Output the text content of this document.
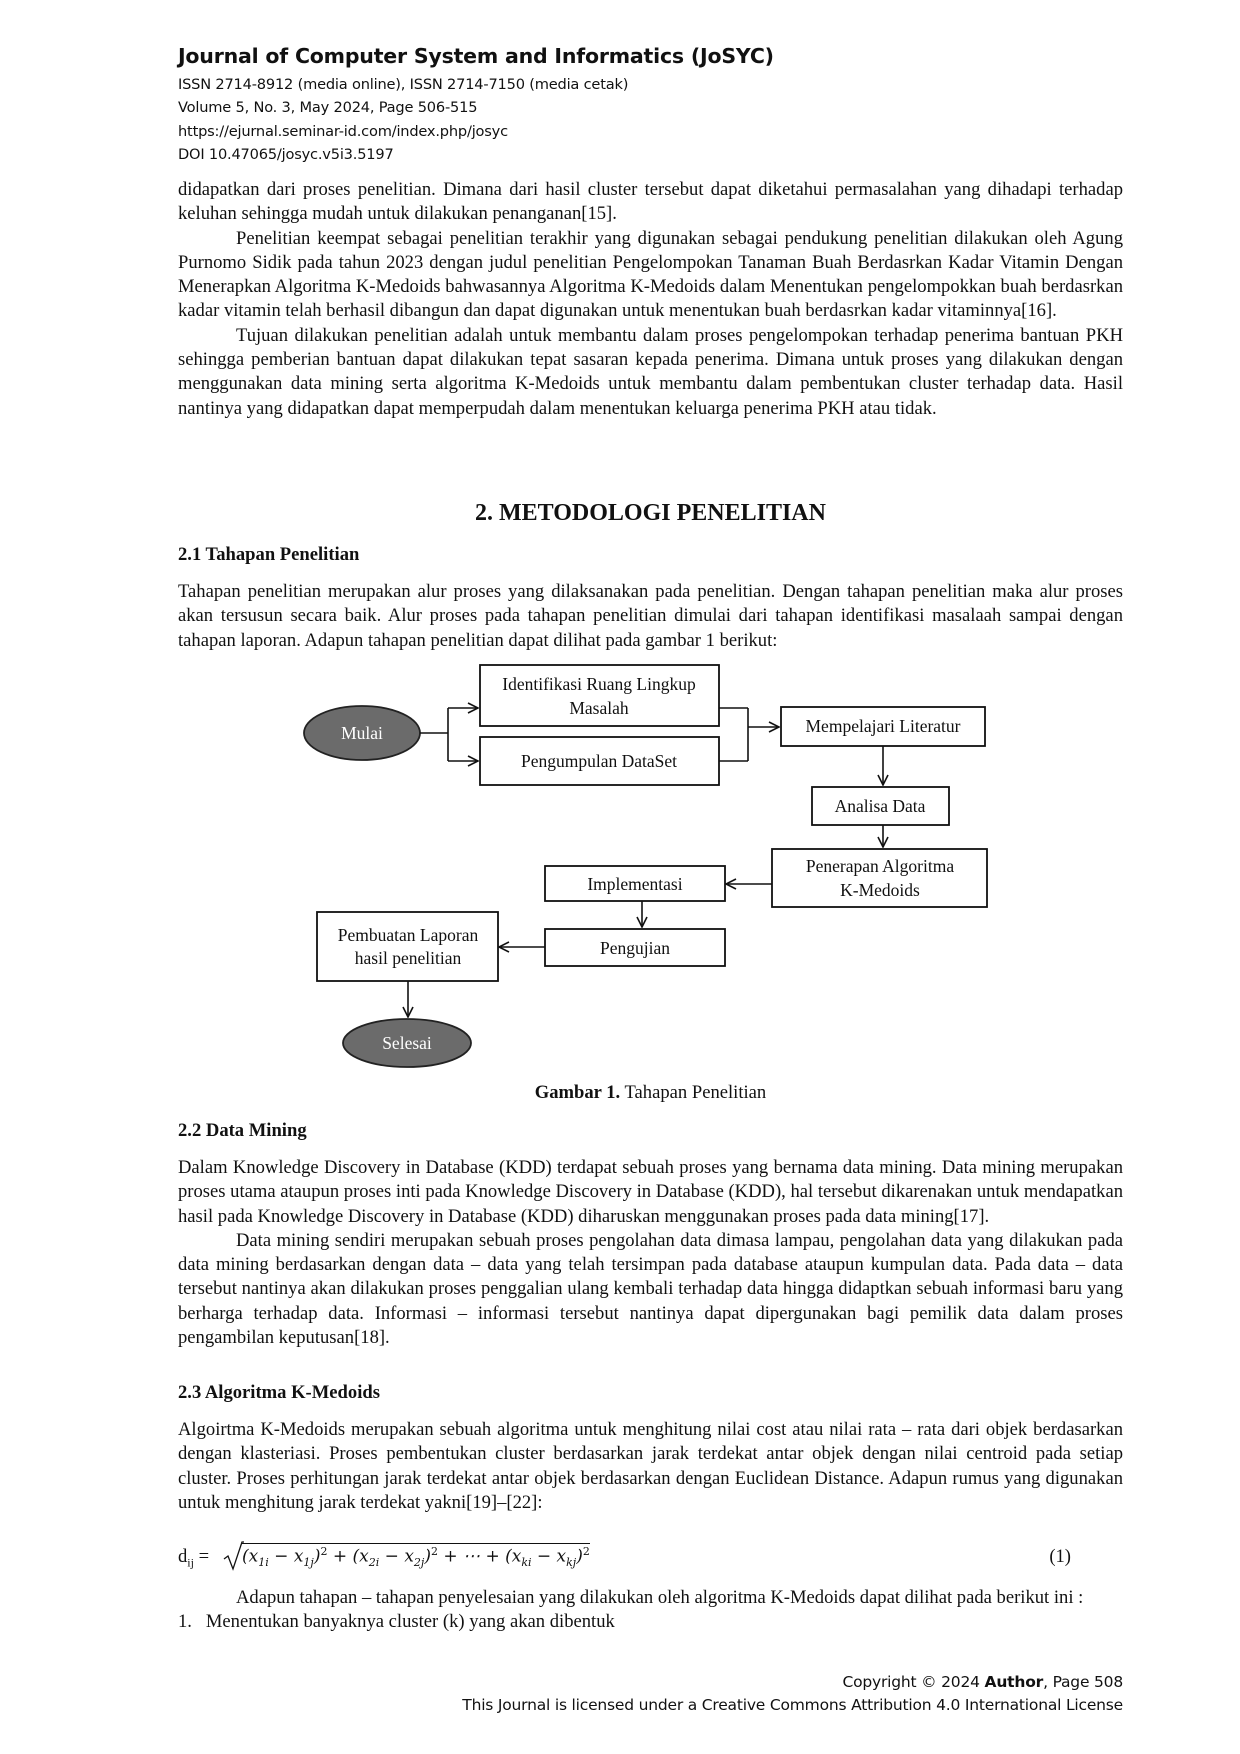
Journal of Computer System and Informatics (JoSYC)
ISSN 2714-8912 (media online), ISSN 2714-7150 (media cetak)
Volume 5, No. 3, May 2024, Page 506-515
https://ejurnal.seminar-id.com/index.php/josyc
DOI 10.47065/josyc.v5i3.5197

didapatkan dari proses penelitian. Dimana dari hasil cluster tersebut dapat diketahui permasalahan yang dihadapi terhadap keluhan sehingga mudah untuk dilakukan penanganan[15].

Penelitian keempat sebagai penelitian terakhir yang digunakan sebagai pendukung penelitian dilakukan oleh Agung Purnomo Sidik pada tahun 2023 dengan judul penelitian Pengelompokan Tanaman Buah Berdasrkan Kadar Vitamin Dengan Menerapkan Algoritma K-Medoids bahwasannya Algoritma K-Medoids dalam Menentukan pengelompokkan buah berdasrkan kadar vitamin telah berhasil dibangun dan dapat digunakan untuk menentukan buah berdasrkan kadar vitaminnya[16].

Tujuan dilakukan penelitian adalah untuk membantu dalam proses pengelompokan terhadap penerima bantuan PKH sehingga pemberian bantuan dapat dilakukan tepat sasaran kepada penerima. Dimana untuk proses yang dilakukan dengan menggunakan data mining serta algoritma K-Medoids untuk membantu dalam pembentukan cluster terhadap data. Hasil nantinya yang didapatkan dapat memperpudah dalam menentukan keluarga penerima PKH atau tidak.

2. METODOLOGI PENELITIAN
2.1 Tahapan Penelitian

Tahapan penelitian merupakan alur proses yang dilaksanakan pada penelitian. Dengan tahapan penelitian maka alur proses akan tersusun secara baik. Alur proses pada tahapan penelitian dimulai dari tahapan identifikasi masalaah sampai dengan tahapan laporan. Adapun tahapan penelitian dapat dilihat pada gambar 1 berikut:

Mulai
Identifikasi Ruang Lingkup
Masalah
Pengumpulan DataSet
Mempelajari Literatur
Analisa Data
Penerapan Algoritma
K-Medoids
Implementasi
Pengujian
Pembuatan Laporan
hasil penelitian
Selesai
Gambar 1. Tahapan Penelitian
2.2 Data Mining

Dalam Knowledge Discovery in Database (KDD) terdapat sebuah proses yang bernama data mining. Data mining merupakan proses utama ataupun proses inti pada Knowledge Discovery in Database (KDD), hal tersebut dikarenakan untuk mendapatkan hasil pada Knowledge Discovery in Database (KDD) diharuskan menggunakan proses pada data mining[17].

Data mining sendiri merupakan sebuah proses pengolahan data dimasa lampau, pengolahan data yang dilakukan pada data mining berdasarkan dengan data – data yang telah tersimpan pada database ataupun kumpulan data. Pada data – data tersebut nantinya akan dilakukan proses penggalian ulang kembali terhadap data hingga didaptkan sebuah informasi baru yang berharga terhadap data. Informasi – informasi tersebut nantinya dapat dipergunakan bagi pemilik data dalam proses pengambilan keputusan[18].

2.3 Algoritma K-Medoids

Algoirtma K-Medoids merupakan sebuah algoritma untuk menghitung nilai cost atau nilai rata – rata dari objek berdasarkan dengan klasteriasi. Proses pembentukan cluster berdasarkan jarak terdekat antar objek dengan nilai centroid pada setiap cluster. Proses perhitungan jarak terdekat antar objek berdasarkan dengan Euclidean Distance. Adapun rumus yang digunakan untuk menghitung jarak terdekat yakni[19]–[22]:

$d_{ij} = (x_{1i} - x_{1j})^2 + (x_{2i} - x_{2j})^2$ + ⋯ + $(x_{ki} - x_{kj})^2$	(1)

Adapun tahapan – tahapan penyelesaian yang dilakukan oleh algoritma K-Medoids dapat dilihat pada berikut ini :

1.   Menentukan banyaknya cluster (k) yang akan dibentuk

Copyright © 2024 Author, Page 508
This Journal is licensed under a Creative Commons Attribution 4.0 International License
